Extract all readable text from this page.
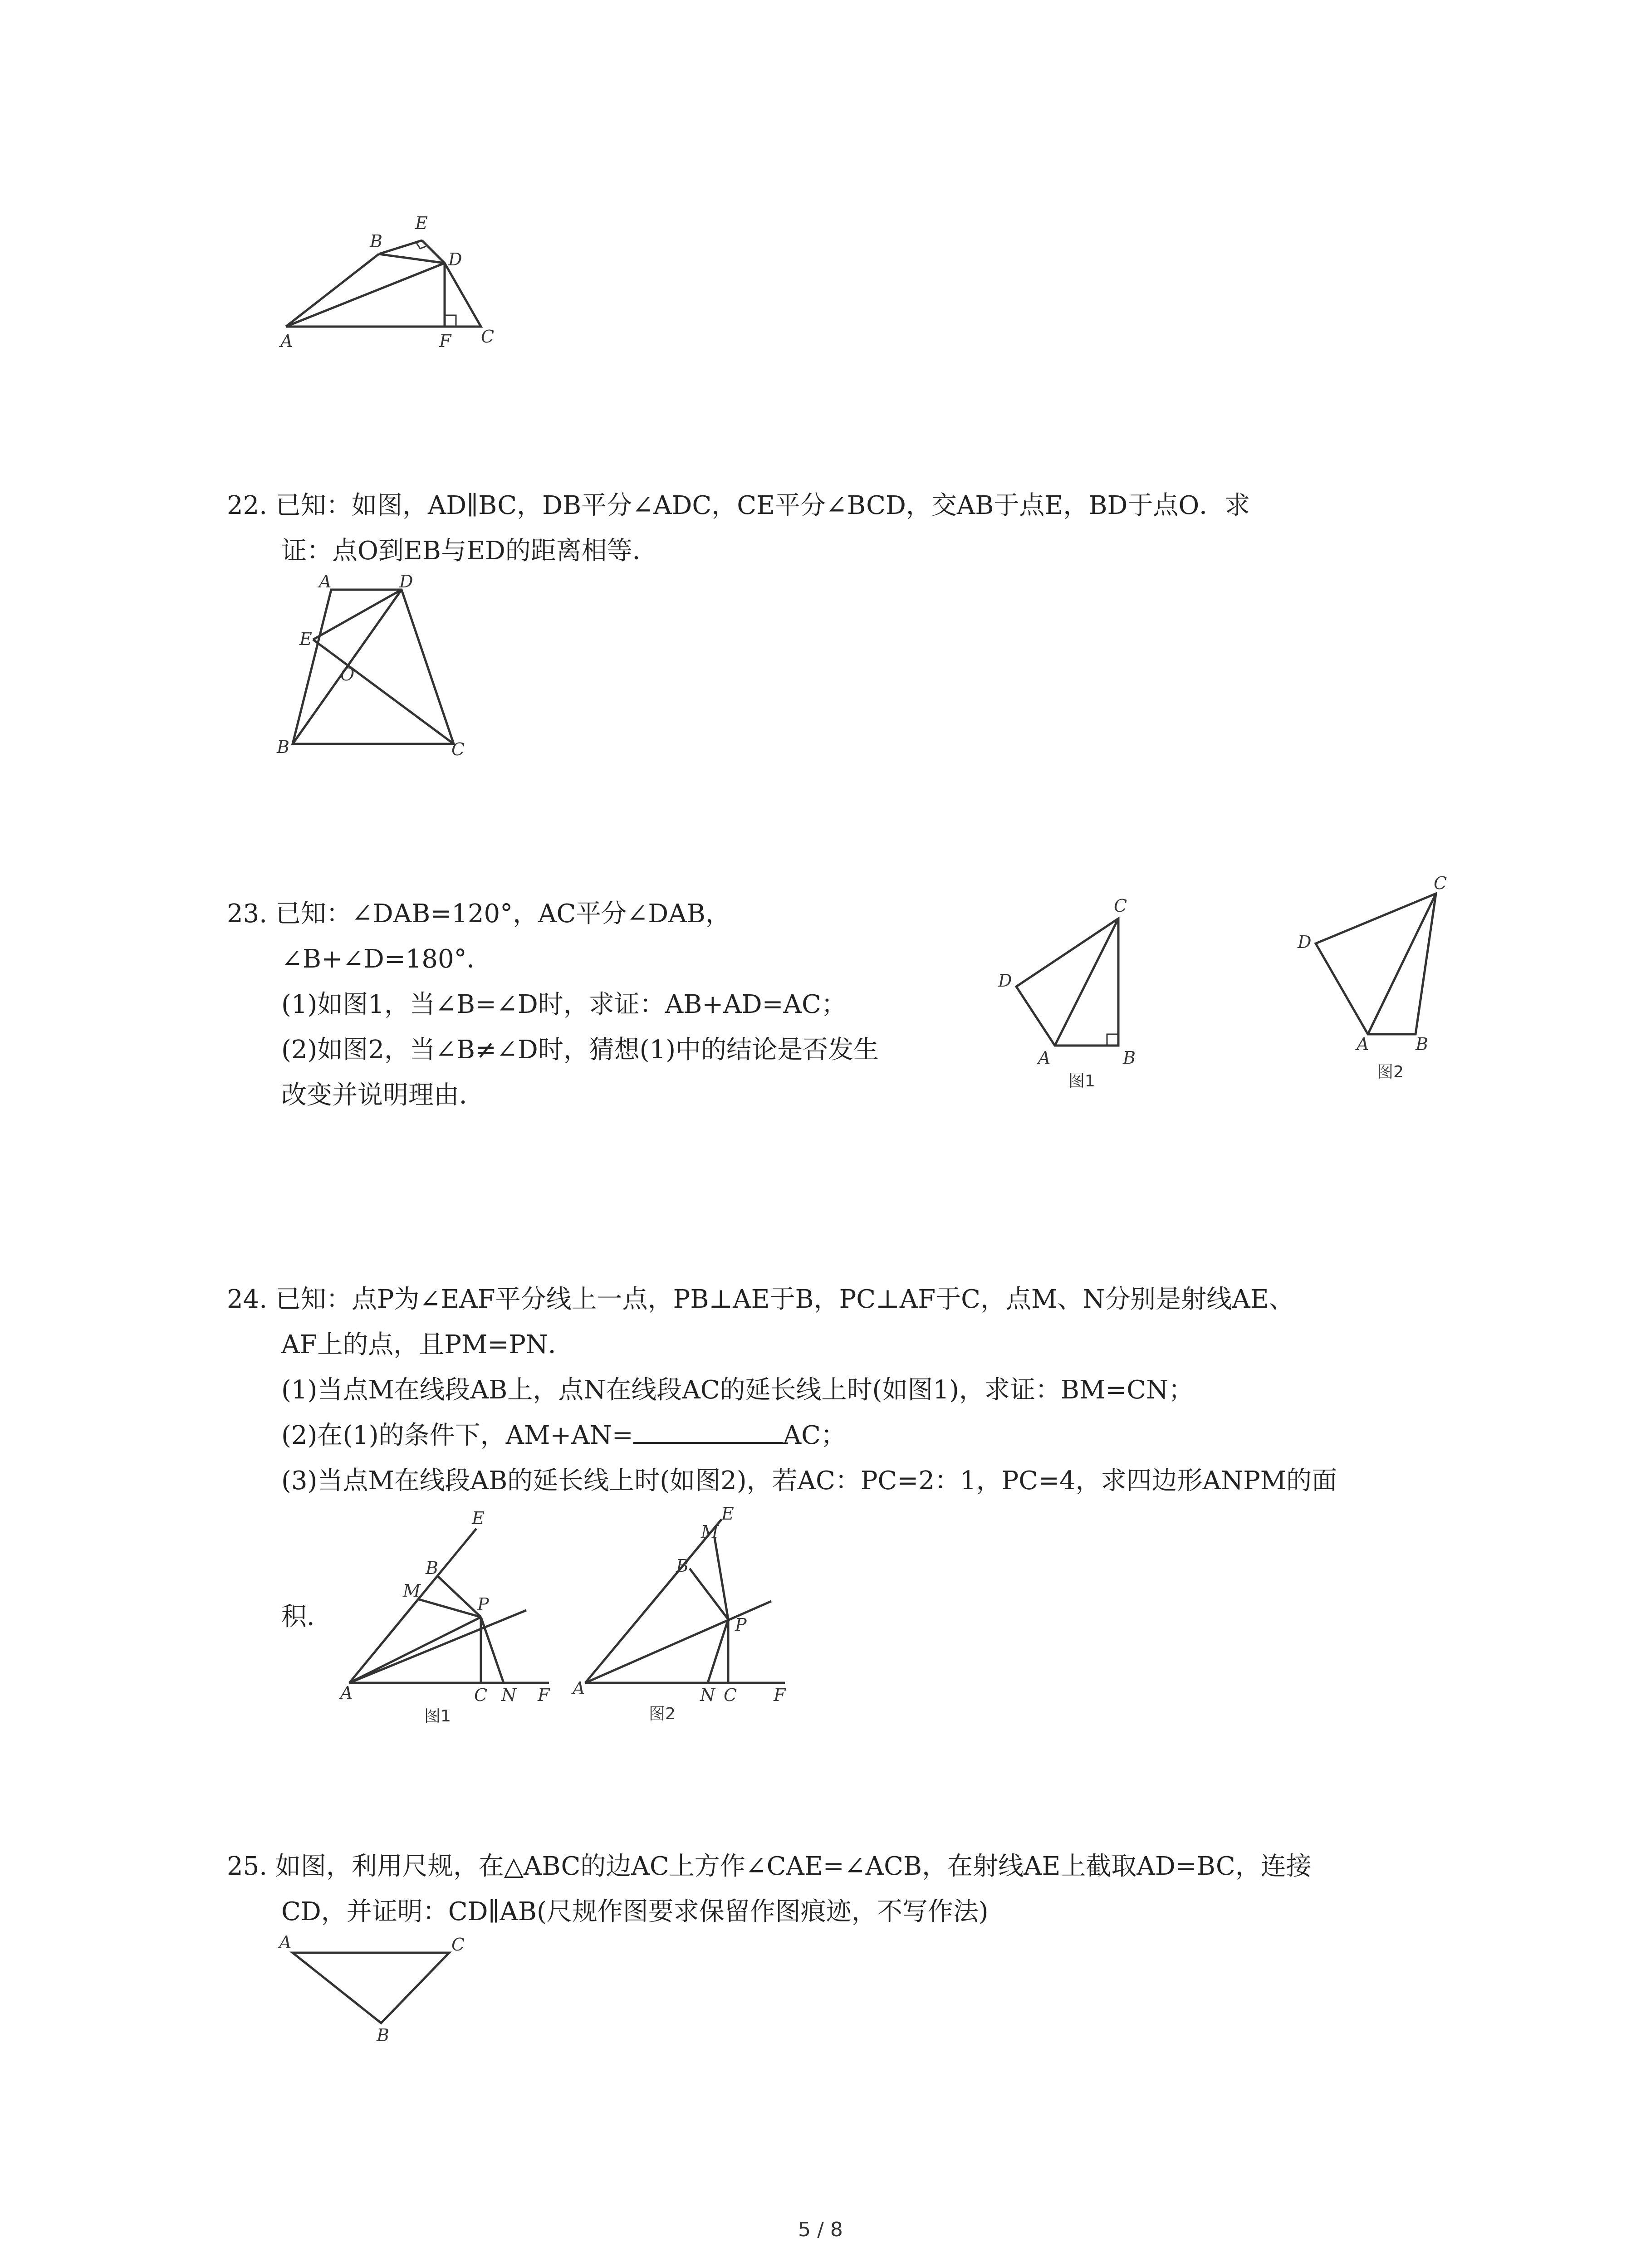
E
B
D
A	F C
22. 已知：如图，AD∥BC，DB平分∠ADC，CE平分∠BCD，交AB于点E，BD于点O．求
证：点O到EB与ED的距离相等．
A	D
E
O
B	C
23. 已知：∠DAB=120°，AC平分∠DAB，
∠B+∠D=180°．
(1)如图1，当∠B=∠D时，求证：AB+AD=AC；
(2)如图2，当∠B≠∠D时，猜想(1)中的结论是否发生
改变并说明理由．
C
D
A	B
图1
C
D
A	B
图2
24. 已知：点P为∠EAF平分线上一点，PB⊥AE于B，PC⊥AF于C，点M、N分别是射线AE、
AF上的点，且PM=PN．
(1)当点M在线段AB上，点N在线段AC的延长线上时(如图1)，求证：BM=CN；
(2)在(1)的条件下，AM+AN=	AC；
(3)当点M在线段AB的延长线上时(如图2)，若AC：PC=2：1，PC=4，求四边形ANPM的面
积．
E
B
M
P
A	C N F
图1
E
M
B
P
A	N C F
图2
25. 如图，利用尺规，在△ABC的边AC上方作∠CAE=∠ACB，在射线AE上截取AD=BC，连接
CD，并证明：CD∥AB(尺规作图要求保留作图痕迹，不写作法)
A	C
B
5 / 8
